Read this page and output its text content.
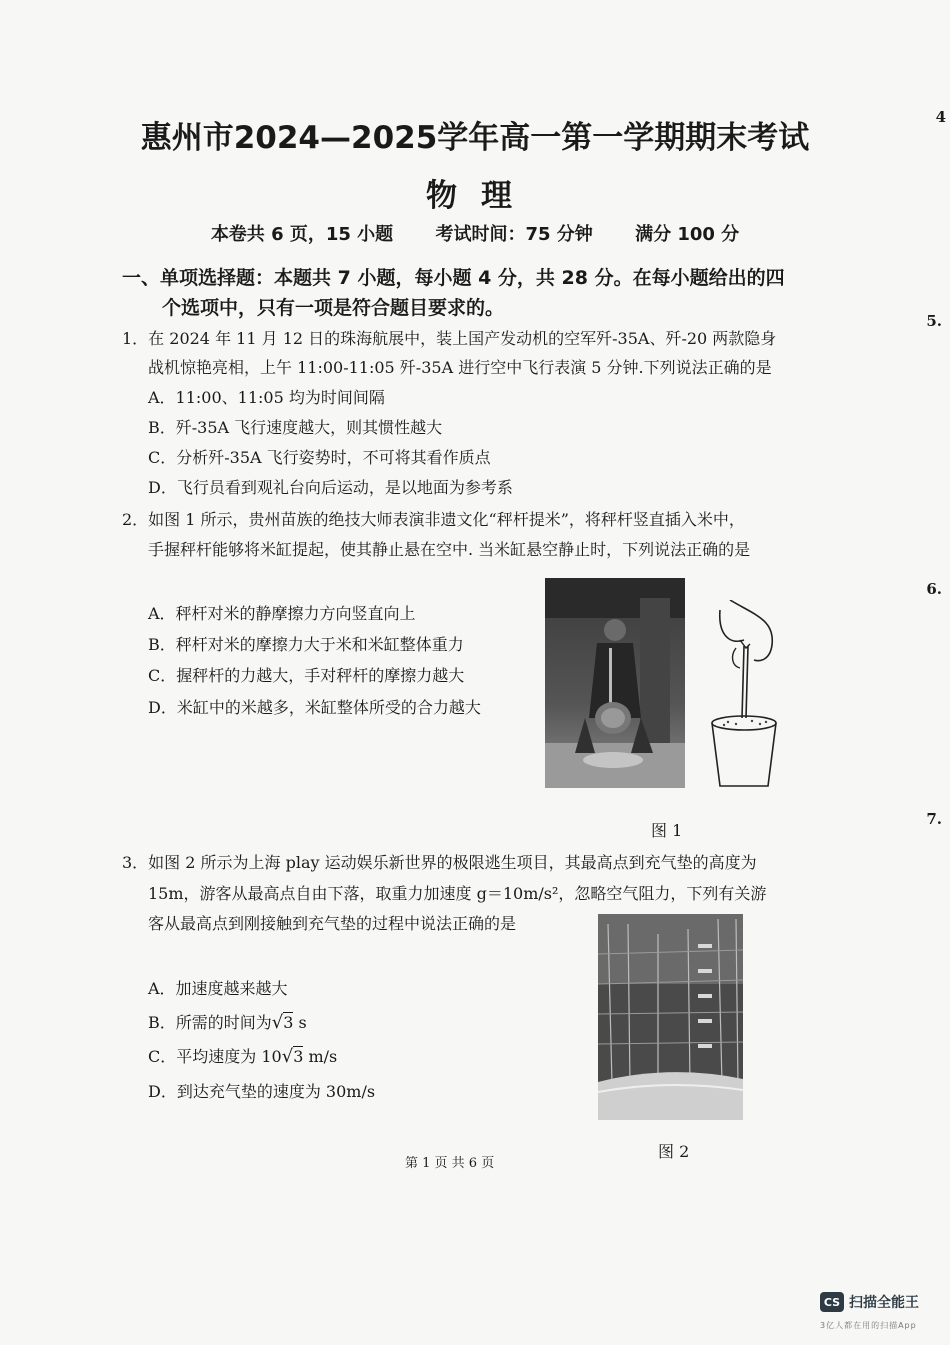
惠州市2024—2025学年高一第一学期期末考试
物理
本卷共 6 页，15 小题 考试时间：75 分钟 满分 100 分
一、单项选择题：本题共 7 小题，每小题 4 分，共 28 分。在每小题给出的四
个选项中，只有一项是符合题目要求的。
1．在 2024 年 11 月 12 日的珠海航展中，装上国产发动机的空军歼-35A、歼-20 两款隐身
战机惊艳亮相，上午 11:00-11:05 歼-35A 进行空中飞行表演 5 分钟.下列说法正确的是
A．11:00、11:05 均为时间间隔
B．歼-35A 飞行速度越大，则其惯性越大
C．分析歼-35A 飞行姿势时，不可将其看作质点
D．飞行员看到观礼台向后运动，是以地面为参考系
2．如图 1 所示，贵州苗族的绝技大师表演非遗文化“秤杆提米”，将秤杆竖直插入米中，
手握秤杆能够将米缸提起，使其静止悬在空中. 当米缸悬空静止时，下列说法正确的是
A．秤杆对米的静摩擦力方向竖直向上
B．秤杆对米的摩擦力大于米和米缸整体重力
C．握秤杆的力越大，手对秤杆的摩擦力越大
D．米缸中的米越多，米缸整体所受的合力越大
图 1
3．如图 2 所示为上海 play 运动娱乐新世界的极限逃生项目，其最高点到充气垫的高度为
15m，游客从最高点自由下落，取重力加速度 g＝10m/s²，忽略空气阻力，下列有关游
客从最高点到刚接触到充气垫的过程中说法正确的是
A．加速度越来越大
B．所需的时间为√3 s
C．平均速度为 10√3 m/s
D．到达充气垫的速度为 30m/s
图 2
第 1 页 共 6 页
4
5.
6.
7.
CS 扫描全能王
3亿人都在用的扫描App
